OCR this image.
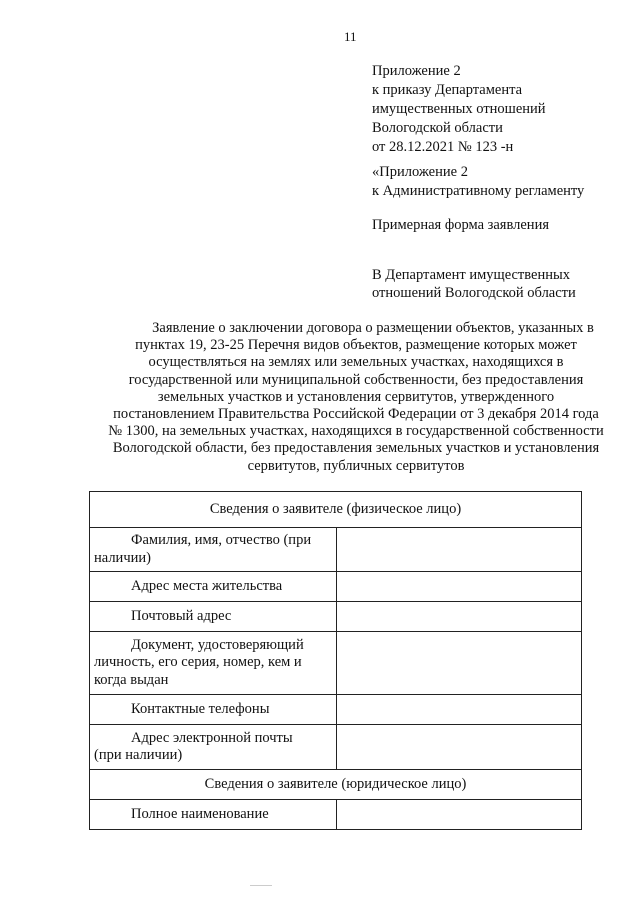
11
Приложение 2
к приказу Департамента
имущественных отношений
Вологодской области
от 28.12.2021 № 123 -н
«Приложение 2
к Административному регламенту
Примерная форма заявления
В Департамент имущественных
отношений Вологодской области
Заявление о заключении договора о размещении объектов, указанных в
пунктах 19, 23-25 Перечня видов объектов, размещение которых может
осуществляться на землях или земельных участках, находящихся в
государственной или муниципальной собственности, без предоставления
земельных участков и установления сервитутов, утвержденного
постановлением Правительства Российской Федерации от 3 декабря 2014 года
№ 1300, на земельных участках, находящихся в государственной собственности
Вологодской области, без предоставления земельных участков и установления
сервитутов, публичных сервитутов
Сведения о заявителе (физическое лицо)	
Фамилия, имя, отчество (при
наличии)	
Адрес места жительства	
Почтовый адрес	
Документ, удостоверяющий
личность, его серия, номер, кем и
когда выдан	
Контактные телефоны	
Адрес электронной почты
(при наличии)	
Сведения о заявителе (юридическое лицо)	
Полное наименование	
